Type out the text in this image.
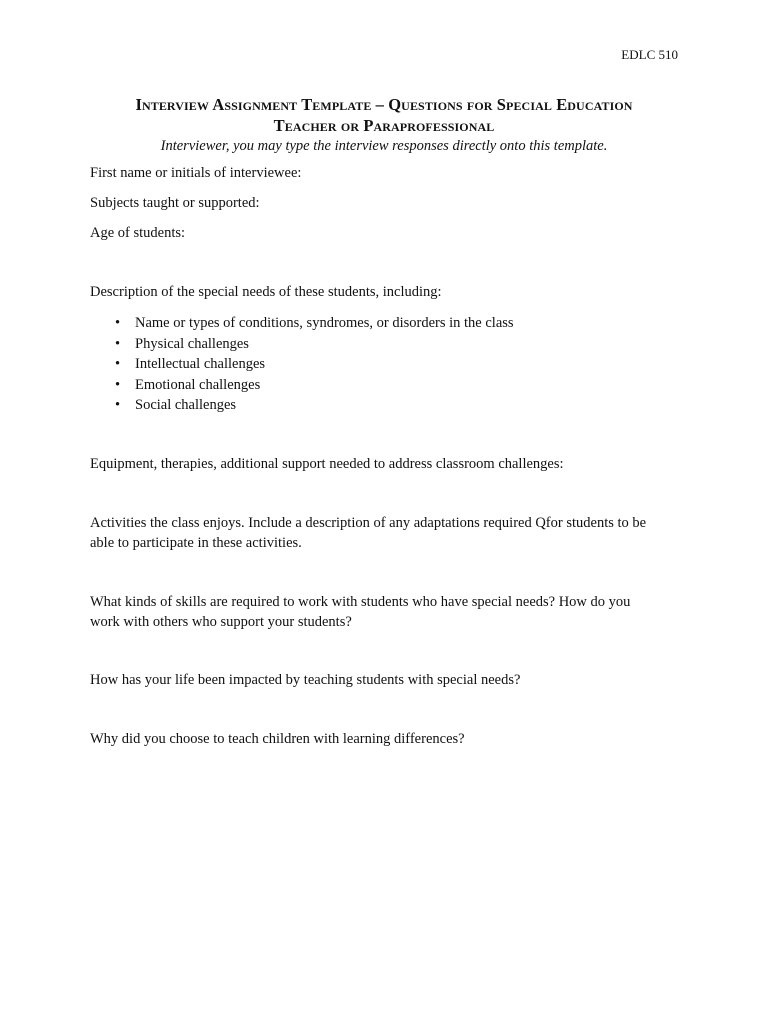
EDLC 510
Interview Assignment Template – Questions for Special Education
Teacher or Paraprofessional
Interviewer, you may type the interview responses directly onto this template.
First name or initials of interviewee:
Subjects taught or supported:
Age of students:
Description of the special needs of these students, including:
• Name or types of conditions, syndromes, or disorders in the class
• Physical challenges
• Intellectual challenges
• Emotional challenges
• Social challenges
Equipment, therapies, additional support needed to address classroom challenges:
Activities the class enjoys. Include a description of any adaptations required Qfor students to be
able to participate in these activities.
What kinds of skills are required to work with students who have special needs? How do you
work with others who support your students?
How has your life been impacted by teaching students with special needs?
Why did you choose to teach children with learning differences?
